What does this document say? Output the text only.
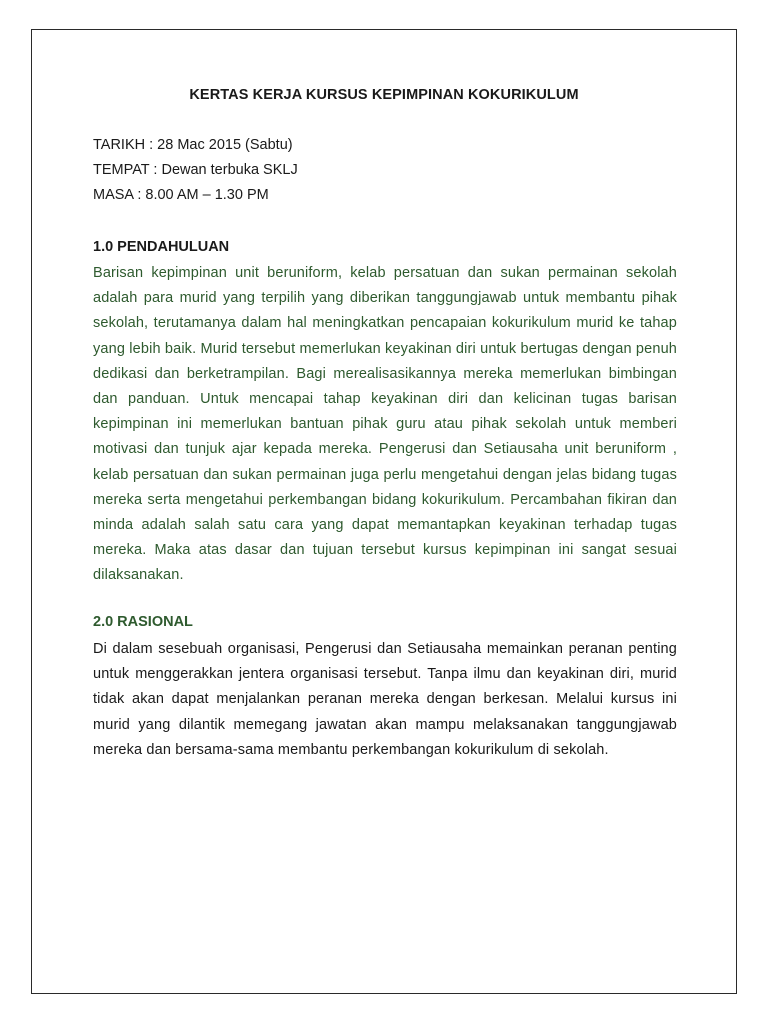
KERTAS KERJA KURSUS KEPIMPINAN KOKURIKULUM
TARIKH : 28 Mac 2015 (Sabtu)
TEMPAT : Dewan terbuka SKLJ
MASA : 8.00 AM – 1.30 PM
1.0 PENDAHULUAN
Barisan kepimpinan unit beruniform, kelab persatuan dan sukan permainan sekolah adalah para murid yang terpilih yang diberikan tanggungjawab untuk membantu pihak sekolah, terutamanya dalam hal meningkatkan pencapaian kokurikulum murid ke tahap yang lebih baik. Murid tersebut memerlukan keyakinan diri untuk bertugas dengan penuh dedikasi dan berketrampilan. Bagi merealisasikannya mereka memerlukan bimbingan dan panduan. Untuk mencapai tahap keyakinan diri dan kelicinan tugas barisan kepimpinan ini memerlukan bantuan pihak guru atau pihak sekolah untuk memberi motivasi dan tunjuk ajar kepada mereka. Pengerusi dan Setiausaha unit beruniform , kelab persatuan dan sukan permainan juga perlu mengetahui dengan jelas bidang tugas mereka serta mengetahui perkembangan bidang kokurikulum. Percambahan fikiran dan minda adalah salah satu cara yang dapat memantapkan keyakinan terhadap tugas mereka. Maka atas dasar dan tujuan tersebut kursus kepimpinan ini sangat sesuai dilaksanakan.
2.0 RASIONAL
Di dalam sesebuah organisasi, Pengerusi dan Setiausaha memainkan peranan penting untuk menggerakkan jentera organisasi tersebut. Tanpa ilmu dan keyakinan diri, murid tidak akan dapat menjalankan peranan mereka dengan berkesan. Melalui kursus ini murid yang dilantik memegang jawatan akan mampu melaksanakan tanggungjawab mereka dan bersama-sama membantu perkembangan kokurikulum di sekolah.
